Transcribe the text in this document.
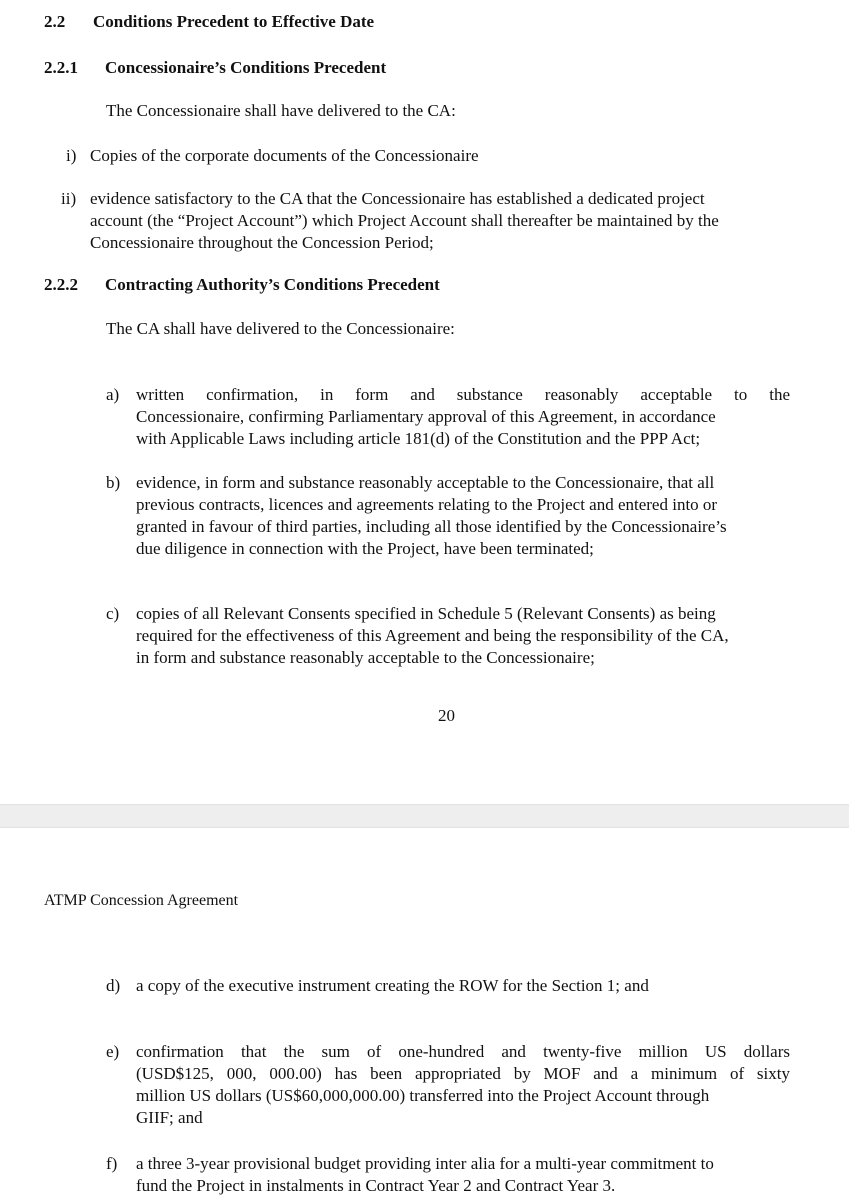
2.2 Conditions Precedent to Effective Date
2.2.1 Concessionaire’s Conditions Precedent
The Concessionaire shall have delivered to the CA:
i) Copies of the corporate documents of the Concessionaire
ii) evidence satisfactory to the CA that the Concessionaire has established a dedicated project
account (the “Project Account”) which Project Account shall thereafter be maintained by the
Concessionaire throughout the Concession Period;
2.2.2 Contracting Authority’s Conditions Precedent
The CA shall have delivered to the Concessionaire:
a) written confirmation, in form and substance reasonably acceptable to the
Concessionaire, confirming Parliamentary approval of this Agreement, in accordance
with Applicable Laws including article 181(d) of the Constitution and the PPP Act;
b) evidence, in form and substance reasonably acceptable to the Concessionaire, that all
previous contracts, licences and agreements relating to the Project and entered into or
granted in favour of third parties, including all those identified by the Concessionaire’s
due diligence in connection with the Project, have been terminated;
c) copies of all Relevant Consents specified in Schedule 5 (Relevant Consents) as being
required for the effectiveness of this Agreement and being the responsibility of the CA,
in form and substance reasonably acceptable to the Concessionaire;
20
ATMP Concession Agreement
d) a copy of the executive instrument creating the ROW for the Section 1; and
e) confirmation that the sum of one-hundred and twenty-five million US dollars
(USD$125, 000, 000.00) has been appropriated by MOF and a minimum of sixty
million US dollars (US$60,000,000.00) transferred into the Project Account through
GIIF; and
f) a three 3-year provisional budget providing inter alia for a multi-year commitment to
fund the Project in instalments in Contract Year 2 and Contract Year 3.
